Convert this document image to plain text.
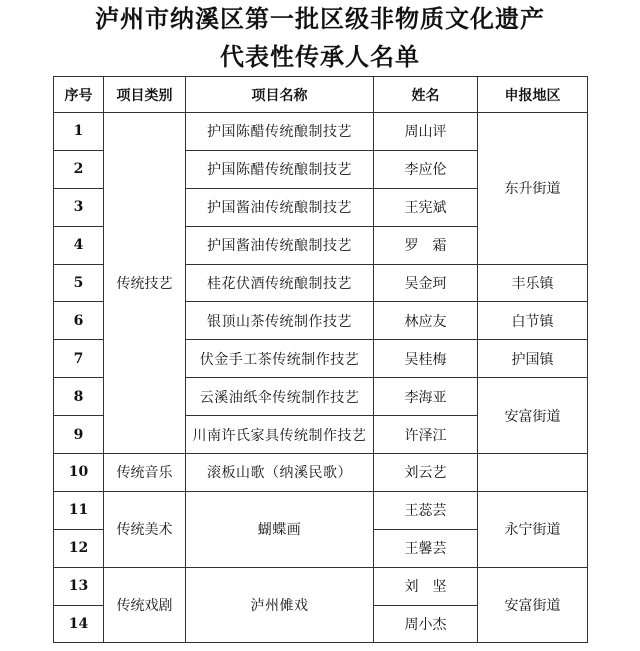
泸州市纳溪区第一批区级非物质文化遗产
代表性传承人名单
序号	项目类别	项目名称	姓名	申报地区
1	传统技艺	护国陈醋传统酿制技艺	周山评	东升街道
2		护国陈醋传统酿制技艺	李应伦	
3		护国酱油传统酿制技艺	王宪斌	
4		护国酱油传统酿制技艺	罗　霜	
5		桂花伏酒传统酿制技艺	吴金珂	丰乐镇
6		银顶山茶传统制作技艺	林应友	白节镇
7		伏金手工茶传统制作技艺	吴桂梅	护国镇
8		云溪油纸伞传统制作技艺	李海亚	安富街道
9		川南许氏家具传统制作技艺	许泽江	
10	传统音乐	滚板山歌（纳溪民歌）	刘云艺	
11	传统美术	蝴蝶画	王蕊芸	永宁街道
12			王馨芸	
13	传统戏剧	泸州傩戏	刘　坚	安富街道
14			周小杰	
